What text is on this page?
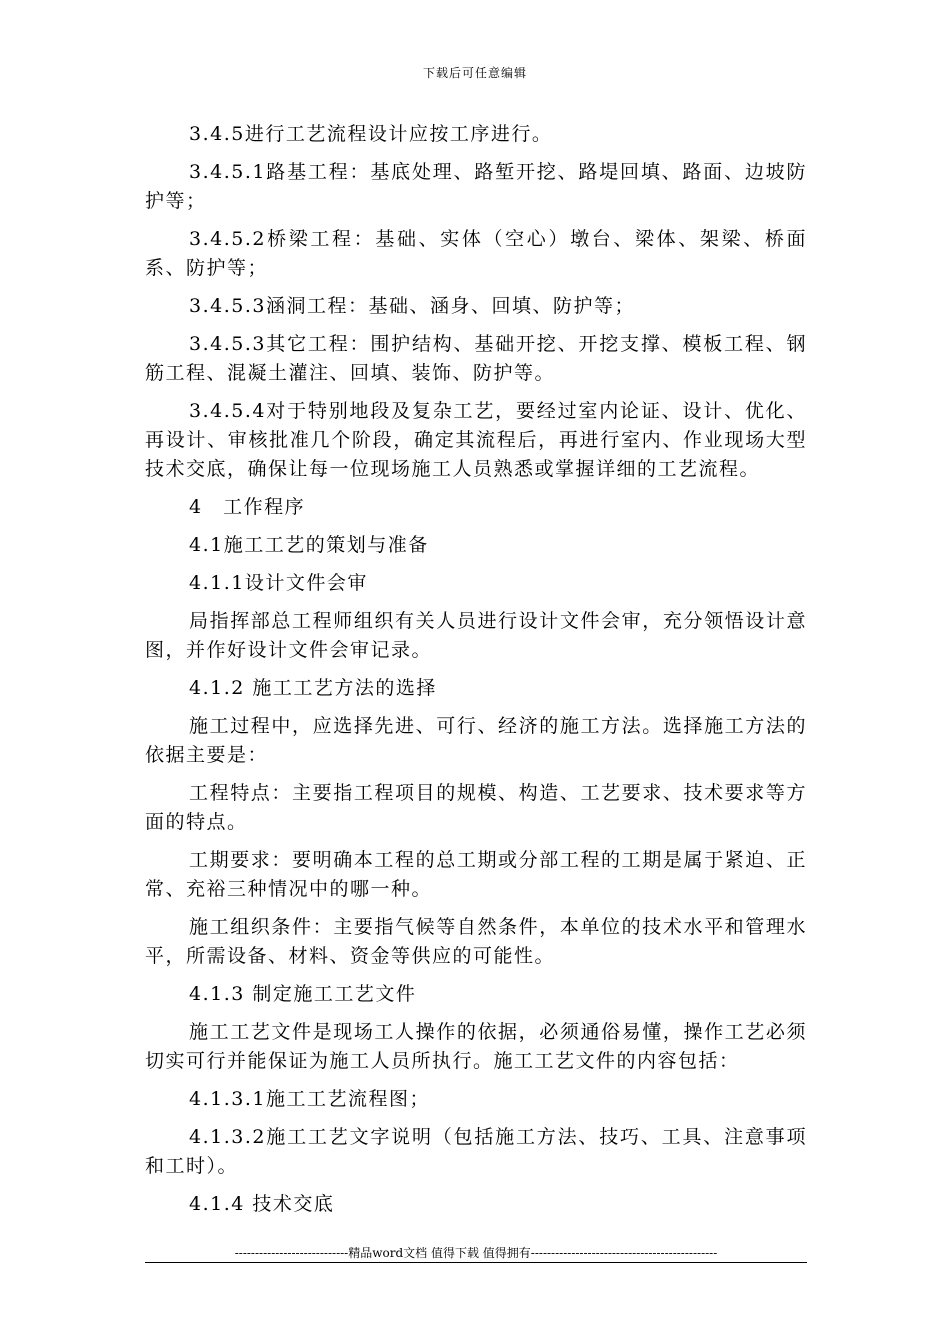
下载后可任意编辑

3.4.5进行工艺流程设计应按工序进行。

3.4.5.1路基工程：基底处理、路堑开挖、路堤回填、路面、边坡防护等；

3.4.5.2桥梁工程：基础、实体（空心）墩台、梁体、架梁、桥面系、防护等；

3.4.5.3涵洞工程：基础、涵身、回填、防护等；

3.4.5.3其它工程：围护结构、基础开挖、开挖支撑、模板工程、钢筋工程、混凝土灌注、回填、装饰、防护等。

3.4.5.4对于特别地段及复杂工艺，要经过室内论证、设计、优化、再设计、审核批准几个阶段，确定其流程后，再进行室内、作业现场大型技术交底，确保让每一位现场施工人员熟悉或掌握详细的工艺流程。

4　工作程序

4.1施工工艺的策划与准备

4.1.1设计文件会审

局指挥部总工程师组织有关人员进行设计文件会审，充分领悟设计意图，并作好设计文件会审记录。

4.1.2 施工工艺方法的选择

施工过程中，应选择先进、可行、经济的施工方法。选择施工方法的依据主要是：

工程特点：主要指工程项目的规模、构造、工艺要求、技术要求等方面的特点。

工期要求：要明确本工程的总工期或分部工程的工期是属于紧迫、正常、充裕三种情况中的哪一种。

施工组织条件：主要指气候等自然条件，本单位的技术水平和管理水平，所需设备、材料、资金等供应的可能性。

4.1.3 制定施工工艺文件

施工工艺文件是现场工人操作的依据，必须通俗易懂，操作工艺必须切实可行并能保证为施工人员所执行。施工工艺文件的内容包括：

4.1.3.1施工工艺流程图；

4.1.3.2施工工艺文字说明（包括施工方法、技巧、工具、注意事项和工时）。

4.1.4 技术交底

----------------------------精品word文档 值得下载 值得拥有----------------------------------------------
